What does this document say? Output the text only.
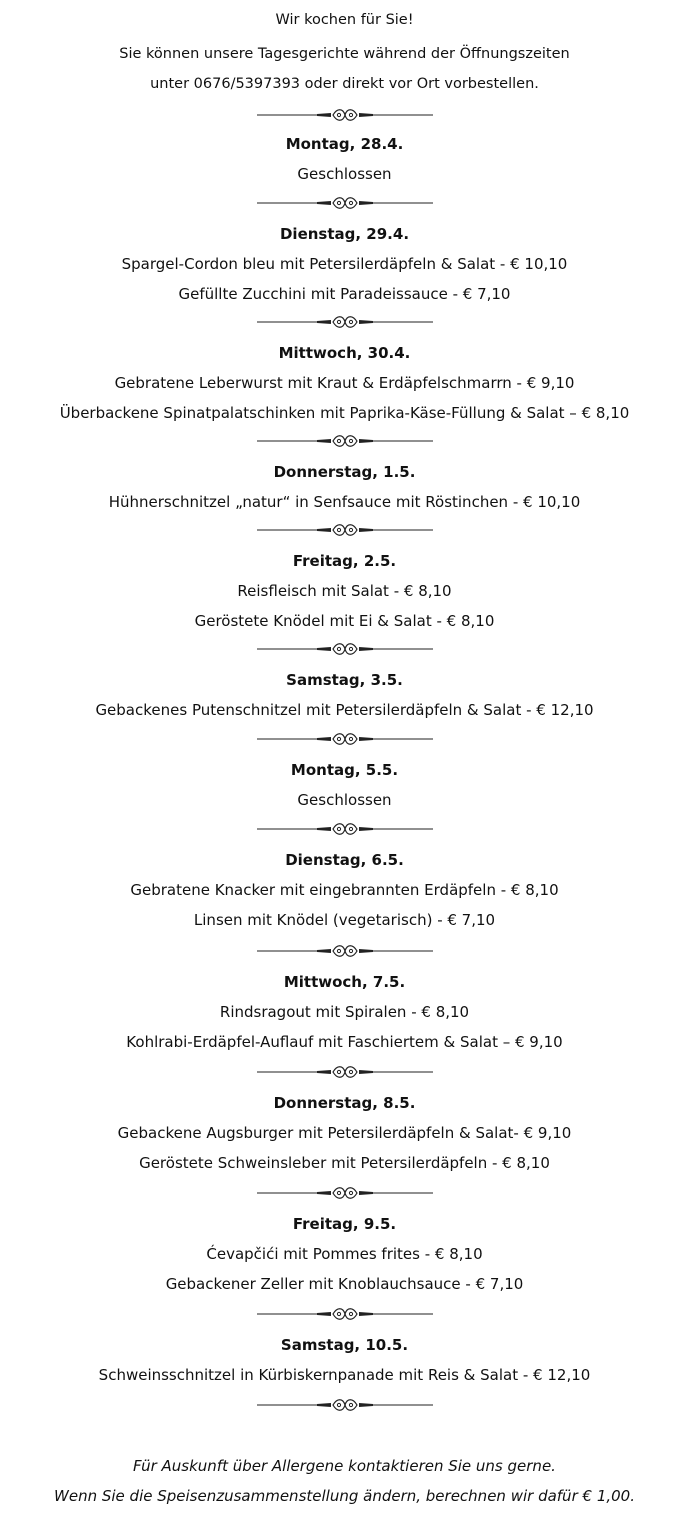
Wir kochen für Sie!
Sie können unsere Tagesgerichte während der Öffnungszeiten
unter 0676/5397393 oder direkt vor Ort vorbestellen.
Montag, 28.4.
Geschlossen
Dienstag, 29.4.
Spargel-Cordon bleu mit Petersilerdäpfeln & Salat - € 10,10
Gefüllte Zucchini mit Paradeissauce - € 7,10
Mittwoch, 30.4.
Gebratene Leberwurst mit Kraut & Erdäpfelschmarrn - € 9,10
Überbackene Spinatpalatschinken mit Paprika-Käse-Füllung & Salat – € 8,10
Donnerstag, 1.5.
Hühnerschnitzel „natur“ in Senfsauce mit Röstinchen - € 10,10
Freitag, 2.5.
Reisfleisch mit Salat - € 8,10
Geröstete Knödel mit Ei & Salat - € 8,10
Samstag, 3.5.
Gebackenes Putenschnitzel mit Petersilerdäpfeln & Salat - € 12,10
Montag, 5.5.
Geschlossen
Dienstag, 6.5.
Gebratene Knacker mit eingebrannten Erdäpfeln - € 8,10
Linsen mit Knödel (vegetarisch) - € 7,10
Mittwoch, 7.5.
Rindsragout mit Spiralen - € 8,10
Kohlrabi-Erdäpfel-Auflauf mit Faschiertem & Salat – € 9,10
Donnerstag, 8.5.
Gebackene Augsburger mit Petersilerdäpfeln & Salat- € 9,10
Geröstete Schweinsleber mit Petersilerdäpfeln - € 8,10
Freitag, 9.5.
Ćevapčići mit Pommes frites - € 8,10
Gebackener Zeller mit Knoblauchsauce - € 7,10
Samstag, 10.5.
Schweinsschnitzel in Kürbiskernpanade mit Reis & Salat - € 12,10
Für Auskunft über Allergene kontaktieren Sie uns gerne.
Wenn Sie die Speisenzusammenstellung ändern, berechnen wir dafür € 1,00.
